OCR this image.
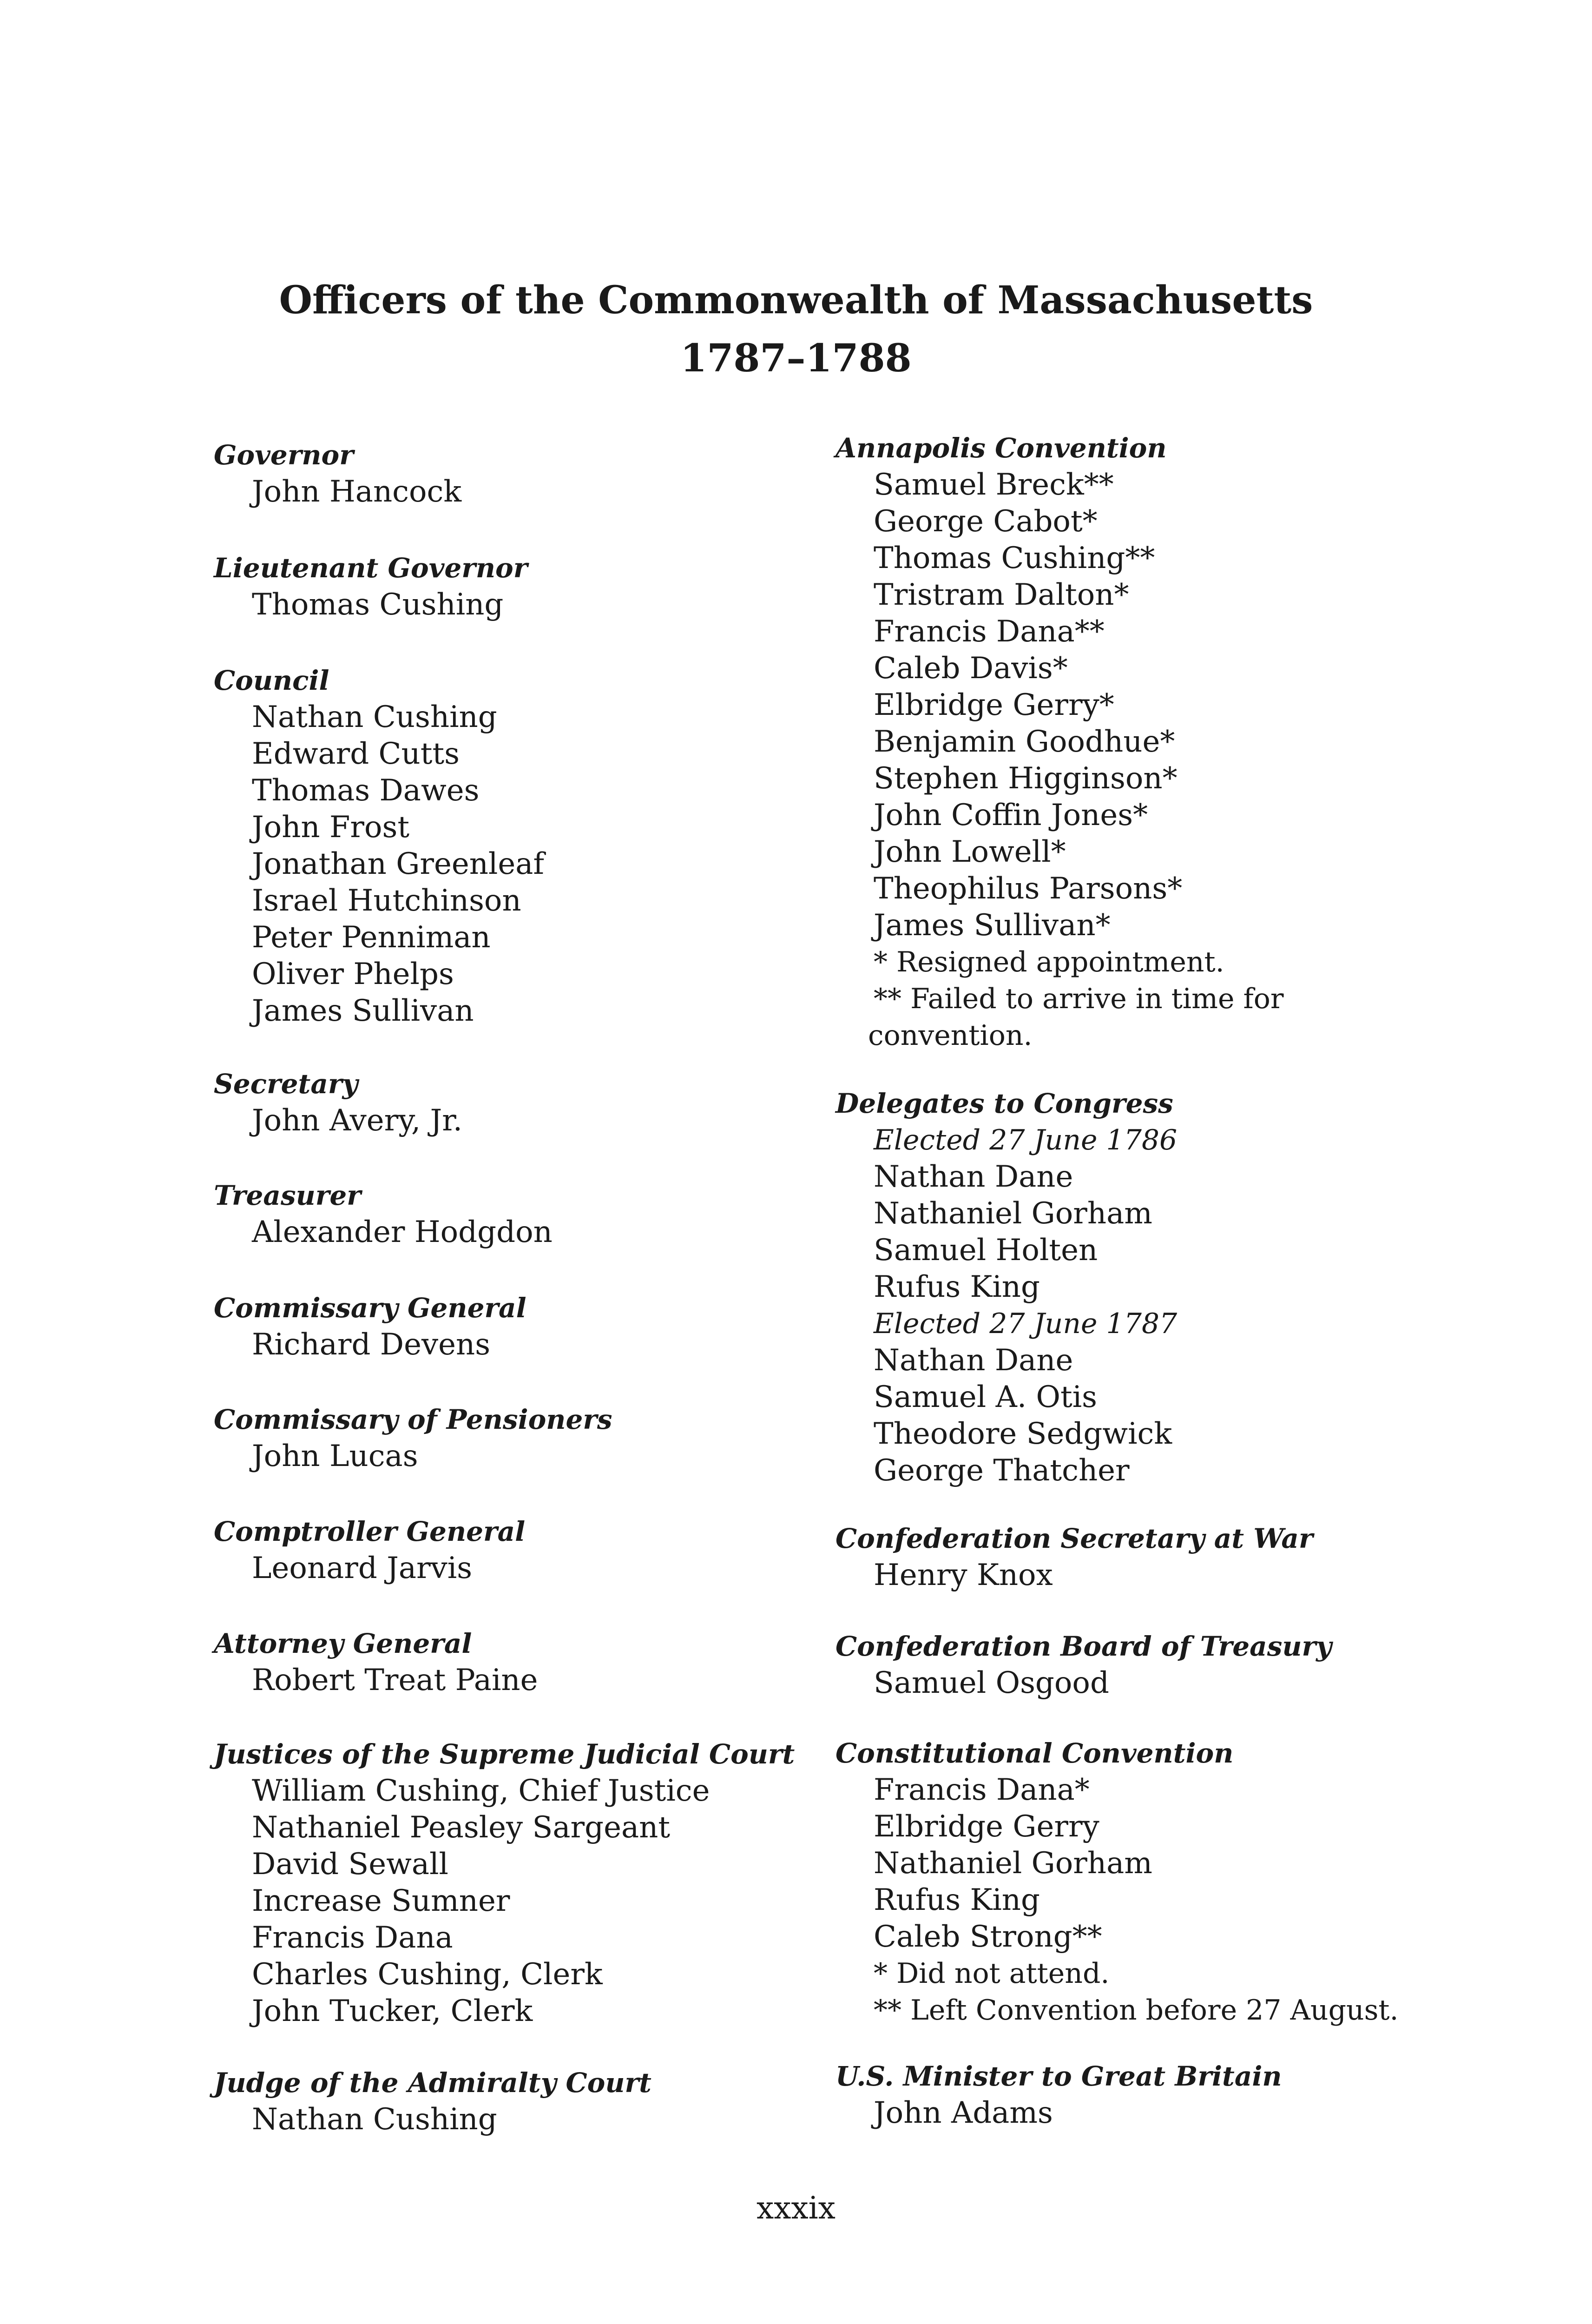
Officers of the Commonwealth of Massachusetts
1787–1788
Governor
John Hancock
Lieutenant Governor
Thomas Cushing
Council
Nathan Cushing
Edward Cutts
Thomas Dawes
John Frost
Jonathan Greenleaf
Israel Hutchinson
Peter Penniman
Oliver Phelps
James Sullivan
Secretary
John Avery, Jr.
Treasurer
Alexander Hodgdon
Commissary General
Richard Devens
Commissary of Pensioners
John Lucas
Comptroller General
Leonard Jarvis
Attorney General
Robert Treat Paine
Justices of the Supreme Judicial Court
William Cushing, Chief Justice
Nathaniel Peasley Sargeant
David Sewall
Increase Sumner
Francis Dana
Charles Cushing, Clerk
John Tucker, Clerk
Judge of the Admiralty Court
Nathan Cushing
Annapolis Convention
Samuel Breck**
George Cabot*
Thomas Cushing**
Tristram Dalton*
Francis Dana**
Caleb Davis*
Elbridge Gerry*
Benjamin Goodhue*
Stephen Higginson*
John Coffin Jones*
John Lowell*
Theophilus Parsons*
James Sullivan*
* Resigned appointment.
** Failed to arrive in time for
convention.
Delegates to Congress
Elected 27 June 1786
Nathan Dane
Nathaniel Gorham
Samuel Holten
Rufus King
Elected 27 June 1787
Nathan Dane
Samuel A. Otis
Theodore Sedgwick
George Thatcher
Confederation Secretary at War
Henry Knox
Confederation Board of Treasury
Samuel Osgood
Constitutional Convention
Francis Dana*
Elbridge Gerry
Nathaniel Gorham
Rufus King
Caleb Strong**
* Did not attend.
** Left Convention before 27 August.
U.S. Minister to Great Britain
John Adams
xxxix
